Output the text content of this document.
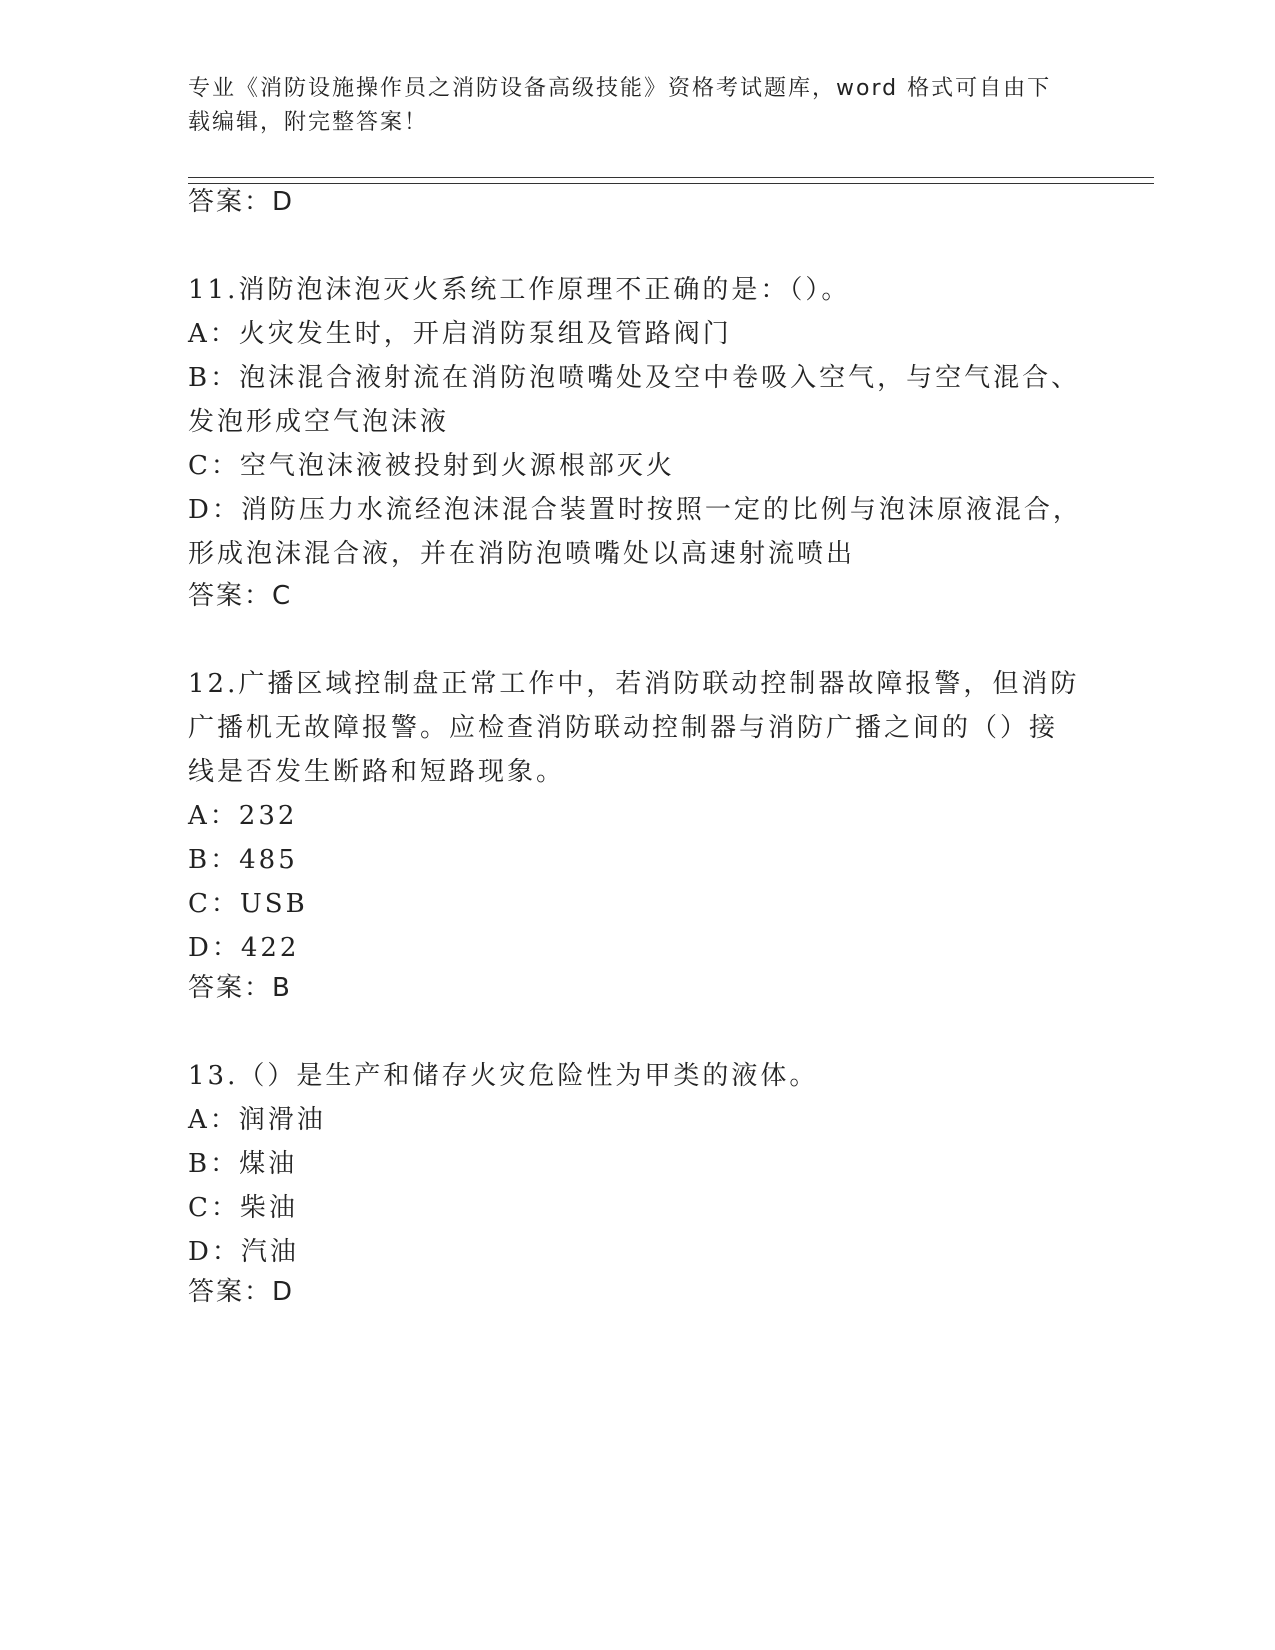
专业《消防设施操作员之消防设备高级技能》资格考试题库，word 格式可自由下
载编辑，附完整答案！
答案：D
11.消防泡沫泡灭火系统工作原理不正确的是：（）。
A：火灾发生时，开启消防泵组及管路阀门
B：泡沫混合液射流在消防泡喷嘴处及空中卷吸入空气，与空气混合、
发泡形成空气泡沫液
C：空气泡沫液被投射到火源根部灭火
D：消防压力水流经泡沫混合装置时按照一定的比例与泡沫原液混合，
形成泡沫混合液，并在消防泡喷嘴处以高速射流喷出
答案：C
12.广播区域控制盘正常工作中，若消防联动控制器故障报警，但消防
广播机无故障报警。应检查消防联动控制器与消防广播之间的（）接
线是否发生断路和短路现象。
A：232
B：485
C：USB
D：422
答案：B
13.（）是生产和储存火灾危险性为甲类的液体。
A：润滑油
B：煤油
C：柴油
D：汽油
答案：D
